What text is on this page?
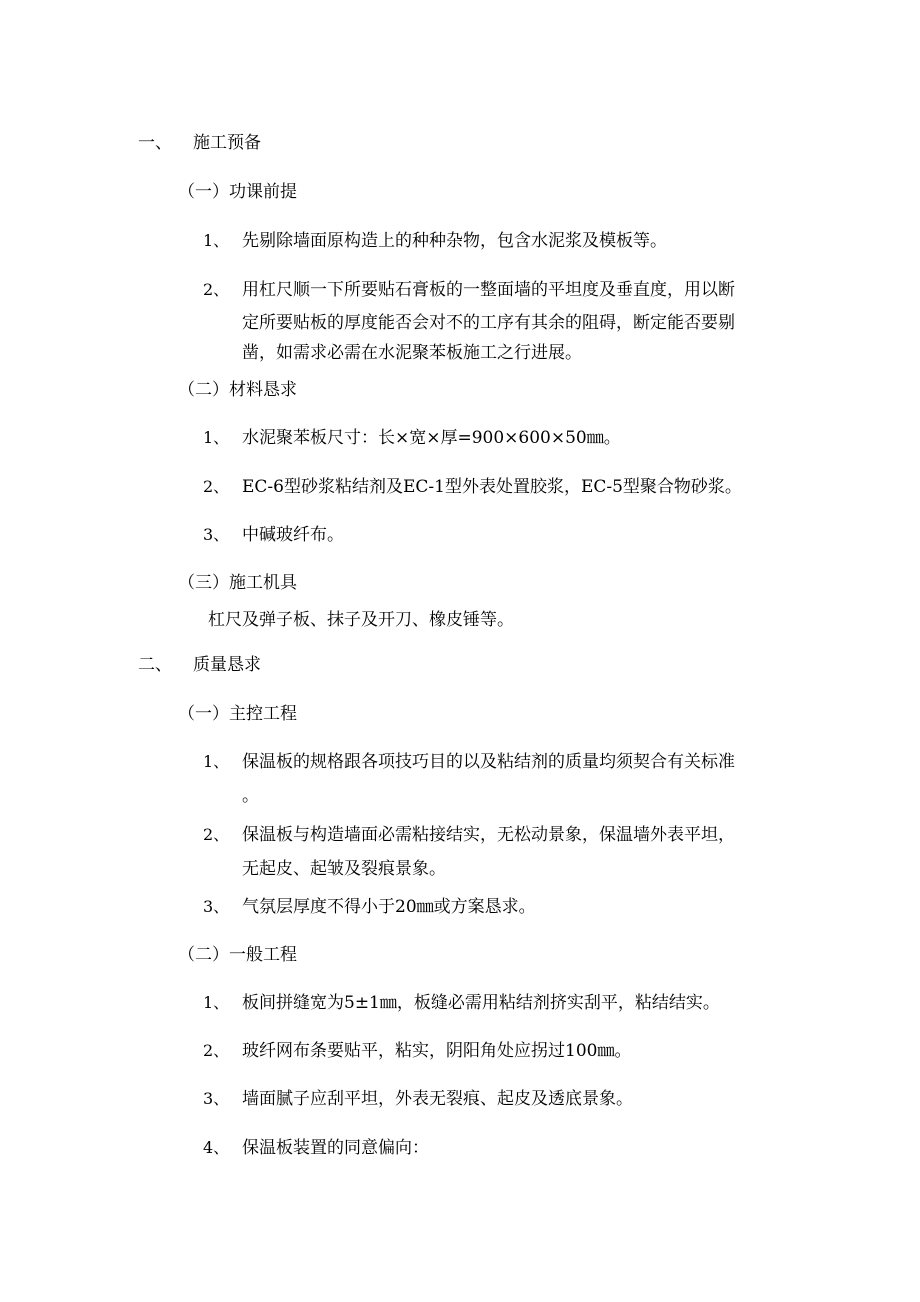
一、 施工预备
（一）功课前提
1、 先剔除墙面原构造上的种种杂物，包含水泥浆及模板等。
2、 用杠尺顺一下所要贴石膏板的一整面墙的平坦度及垂直度，用以断
定所要贴板的厚度能否会对不的工序有其余的阻碍，断定能否要剔
凿，如需求必需在水泥聚苯板施工之行进展。
（二）材料恳求
1、 水泥聚苯板尺寸：长×宽×厚=900×600×50㎜。
2、 EC-6型砂浆粘结剂及EC-1型外表处置胶浆，EC-5型聚合物砂浆。
3、 中碱玻纤布。
（三）施工机具
杠尺及弹子板、抹子及开刀、橡皮锤等。
二、 质量恳求
（一）主控工程
1、 保温板的规格跟各项技巧目的以及粘结剂的质量均须契合有关标准
。
2、 保温板与构造墙面必需粘接结实，无松动景象，保温墙外表平坦，
无起皮、起皱及裂痕景象。
3、 气氛层厚度不得小于20㎜或方案恳求。
（二）一般工程
1、 板间拼缝宽为5±1㎜，板缝必需用粘结剂挤实刮平，粘结结实。
2、 玻纤网布条要贴平，粘实，阴阳角处应拐过100㎜。
3、 墙面腻子应刮平坦，外表无裂痕、起皮及透底景象。
4、 保温板装置的同意偏向：
